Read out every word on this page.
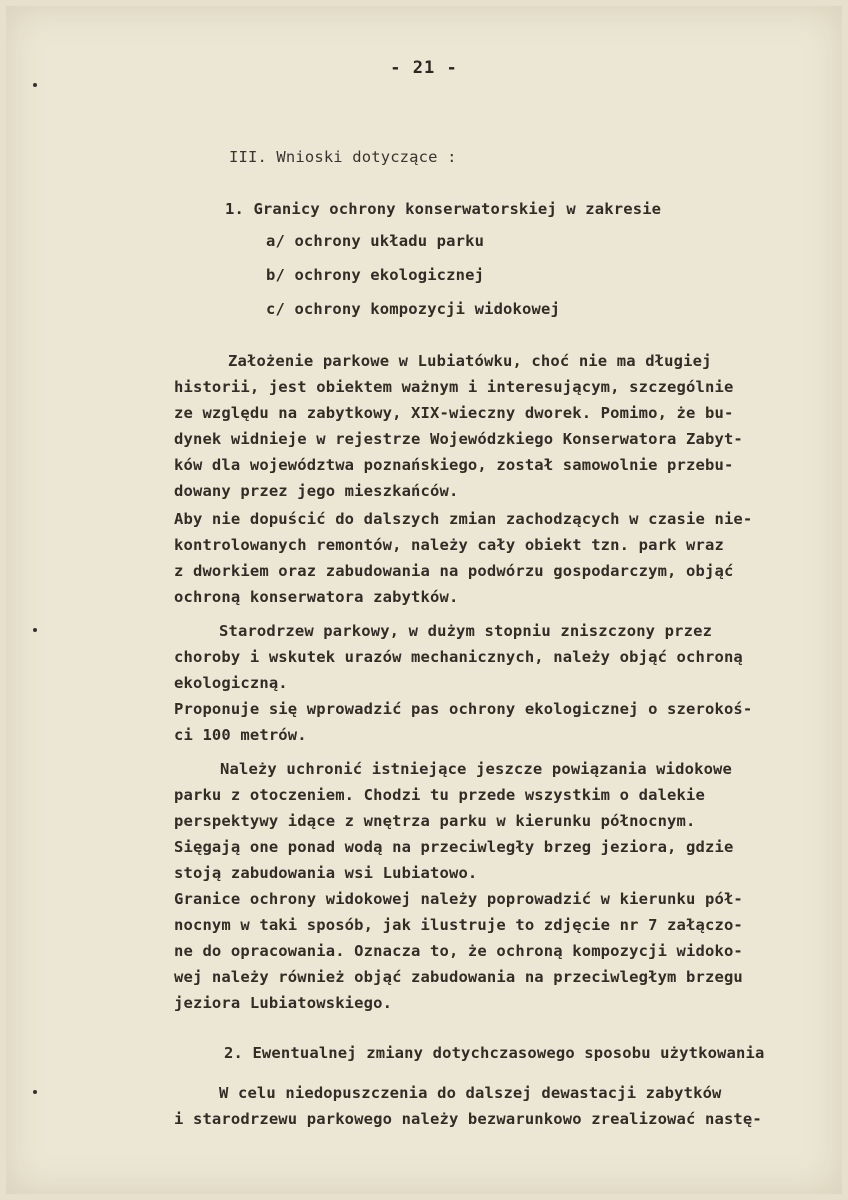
- 21 -
III. Wnioski dotyczące :
1. Granicy ochrony konserwatorskiej w zakresie
a/ ochrony układu parku
b/ ochrony ekologicznej
c/ ochrony kompozycji widokowej
Założenie parkowe w Lubiatówku, choć nie ma długiej
historii, jest obiektem ważnym i interesującym, szczególnie
ze względu na zabytkowy, XIX-wieczny dworek. Pomimo, że bu-
dynek widnieje w rejestrze Wojewódzkiego Konserwatora Zabyt-
ków dla województwa poznańskiego, został samowolnie przebu-
dowany przez jego mieszkańców.
Aby nie dopuścić do dalszych zmian zachodzących w czasie nie-
kontrolowanych remontów, należy cały obiekt tzn. park wraz
z dworkiem oraz zabudowania na podwórzu gospodarczym, objąć
ochroną konserwatora zabytków.
Starodrzew parkowy, w dużym stopniu zniszczony przez
choroby i wskutek urazów mechanicznych, należy objąć ochroną
ekologiczną.
Proponuje się wprowadzić pas ochrony ekologicznej o szerokoś-
ci 100 metrów.
Należy uchronić istniejące jeszcze powiązania widokowe
parku z otoczeniem. Chodzi tu przede wszystkim o dalekie
perspektywy idące z wnętrza parku w kierunku północnym.
Sięgają one ponad wodą na przeciwległy brzeg jeziora, gdzie
stoją zabudowania wsi Lubiatowo.
Granice ochrony widokowej należy poprowadzić w kierunku pół-
nocnym w taki sposób, jak ilustruje to zdjęcie nr 7 załączo-
ne do opracowania. Oznacza to, że ochroną kompozycji widoko-
wej należy również objąć zabudowania na przeciwległym brzegu
jeziora Lubiatowskiego.
2. Ewentualnej zmiany dotychczasowego sposobu użytkowania
W celu niedopuszczenia do dalszej dewastacji zabytków
i starodrzewu parkowego należy bezwarunkowo zrealizować nastę-
